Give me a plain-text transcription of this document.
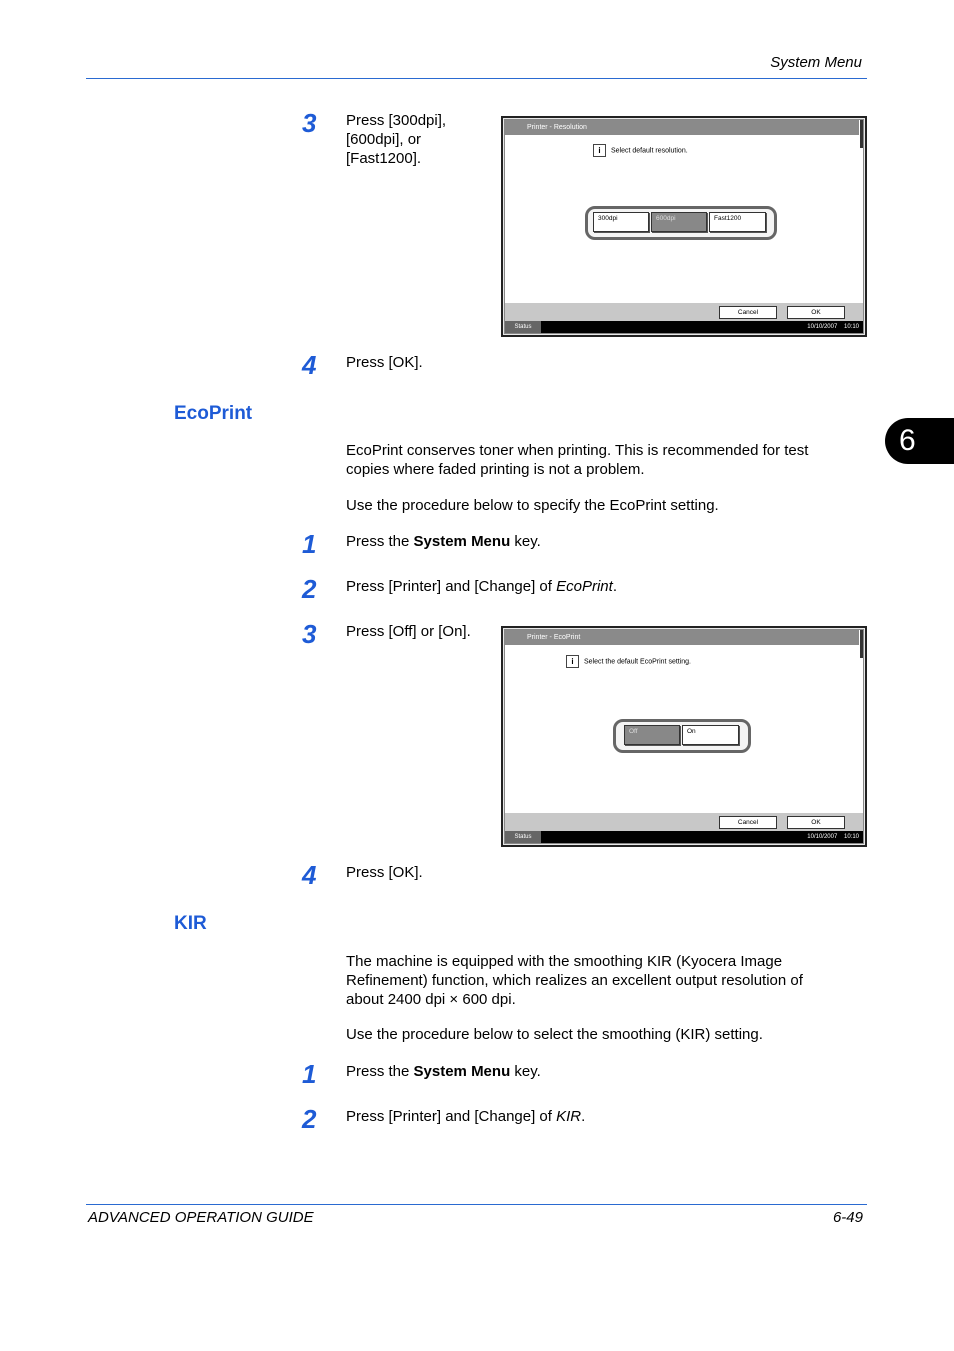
System Menu
6
3	Press [300dpi],
[600dpi], or
[Fast1200].
Printer - Resolution
i Select default resolution.
300dpi	600dpi	Fast1200
Cancel	OK
Status	10/10/2007 10:10
4	Press [OK].
EcoPrint
EcoPrint conserves toner when printing. This is recommended for test
copies where faded printing is not a problem.
Use the procedure below to specify the EcoPrint setting.
1	Press the System Menu key.
2	Press [Printer] and [Change] of EcoPrint.
3	Press [Off] or [On].	Printer - EcoPrint
i Select the default EcoPrint setting.
Off	On
Cancel	OK
Status	10/10/2007 10:10
4	Press [OK].
KIR
The machine is equipped with the smoothing KIR (Kyocera Image
Refinement) function, which realizes an excellent output resolution of
about 2400 dpi × 600 dpi.
Use the procedure below to select the smoothing (KIR) setting.
1	Press the System Menu key.
2	Press [Printer] and [Change] of KIR.
ADVANCED OPERATION GUIDE	6-49
